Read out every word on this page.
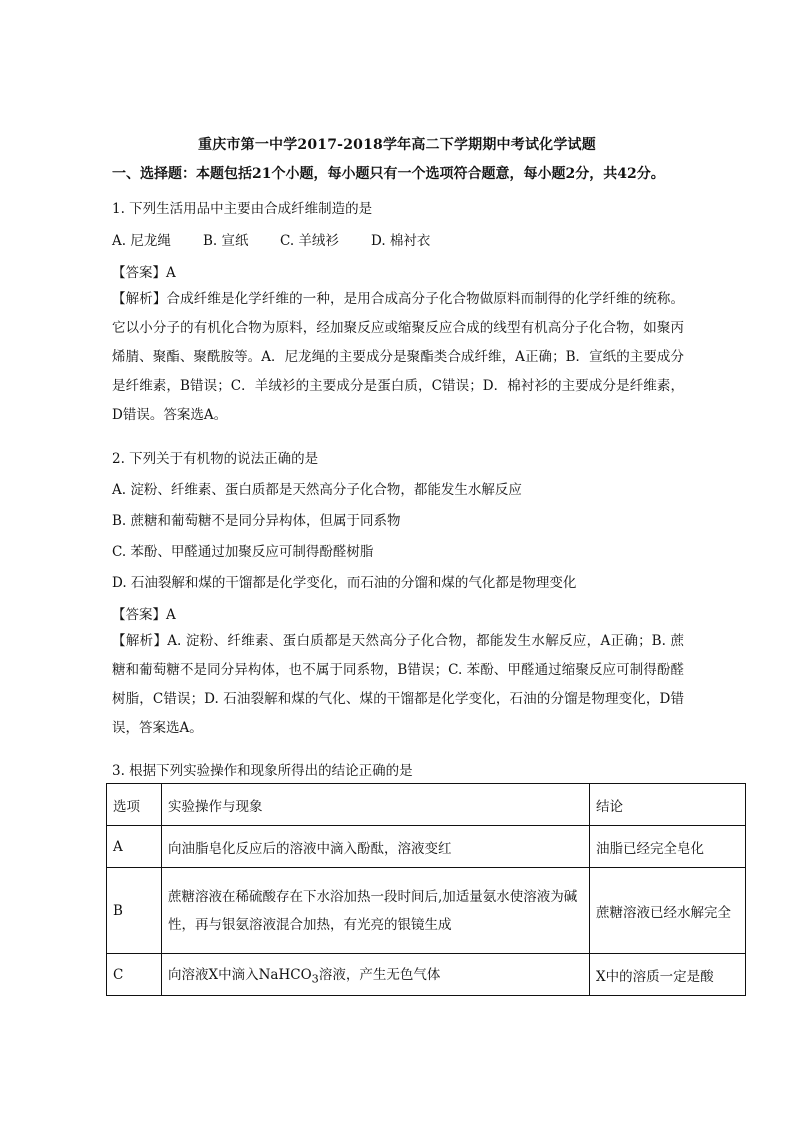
重庆市第一中学2017-2018学年高二下学期期中考试化学试题
一、选择题：本题包括21个小题，每小题只有一个选项符合题意，每小题2分，共42分。
1. 下列生活用品中主要由合成纤维制造的是
A. 尼龙绳 B. 宣纸 C. 羊绒衫 D. 棉衬衣
【答案】A
【解析】合成纤维是化学纤维的一种，是用合成高分子化合物做原料而制得的化学纤维的统称。它以小分子的有机化合物为原料，经加聚反应或缩聚反应合成的线型有机高分子化合物，如聚丙烯腈、聚酯、聚酰胺等。A．尼龙绳的主要成分是聚酯类合成纤维，A正确；B．宣纸的主要成分是纤维素，B错误；C．羊绒衫的主要成分是蛋白质，C错误；D．棉衬衫的主要成分是纤维素，D错误。答案选A。
2. 下列关于有机物的说法正确的是
A. 淀粉、纤维素、蛋白质都是天然高分子化合物，都能发生水解反应
B. 蔗糖和葡萄糖不是同分异构体，但属于同系物
C. 苯酚、甲醛通过加聚反应可制得酚醛树脂
D. 石油裂解和煤的干馏都是化学变化，而石油的分馏和煤的气化都是物理变化
【答案】A
【解析】A. 淀粉、纤维素、蛋白质都是天然高分子化合物，都能发生水解反应，A正确；B. 蔗糖和葡萄糖不是同分异构体，也不属于同系物，B错误；C. 苯酚、甲醛通过缩聚反应可制得酚醛树脂，C错误；D. 石油裂解和煤的气化、煤的干馏都是化学变化，石油的分馏是物理变化，D错误，答案选A。
3. 根据下列实验操作和现象所得出的结论正确的是
选项	实验操作与现象	结论
A	向油脂皂化反应后的溶液中滴入酚酞，溶液变红	油脂已经完全皂化
B	蔗糖溶液在稀硫酸存在下水浴加热一段时间后,加适量氨水使溶液为碱性，再与银氨溶液混合加热，有光亮的银镜生成	蔗糖溶液已经水解完全
C	向溶液X中滴入NaHCO$_3$溶液，产生无色气体	X中的溶质一定是酸
